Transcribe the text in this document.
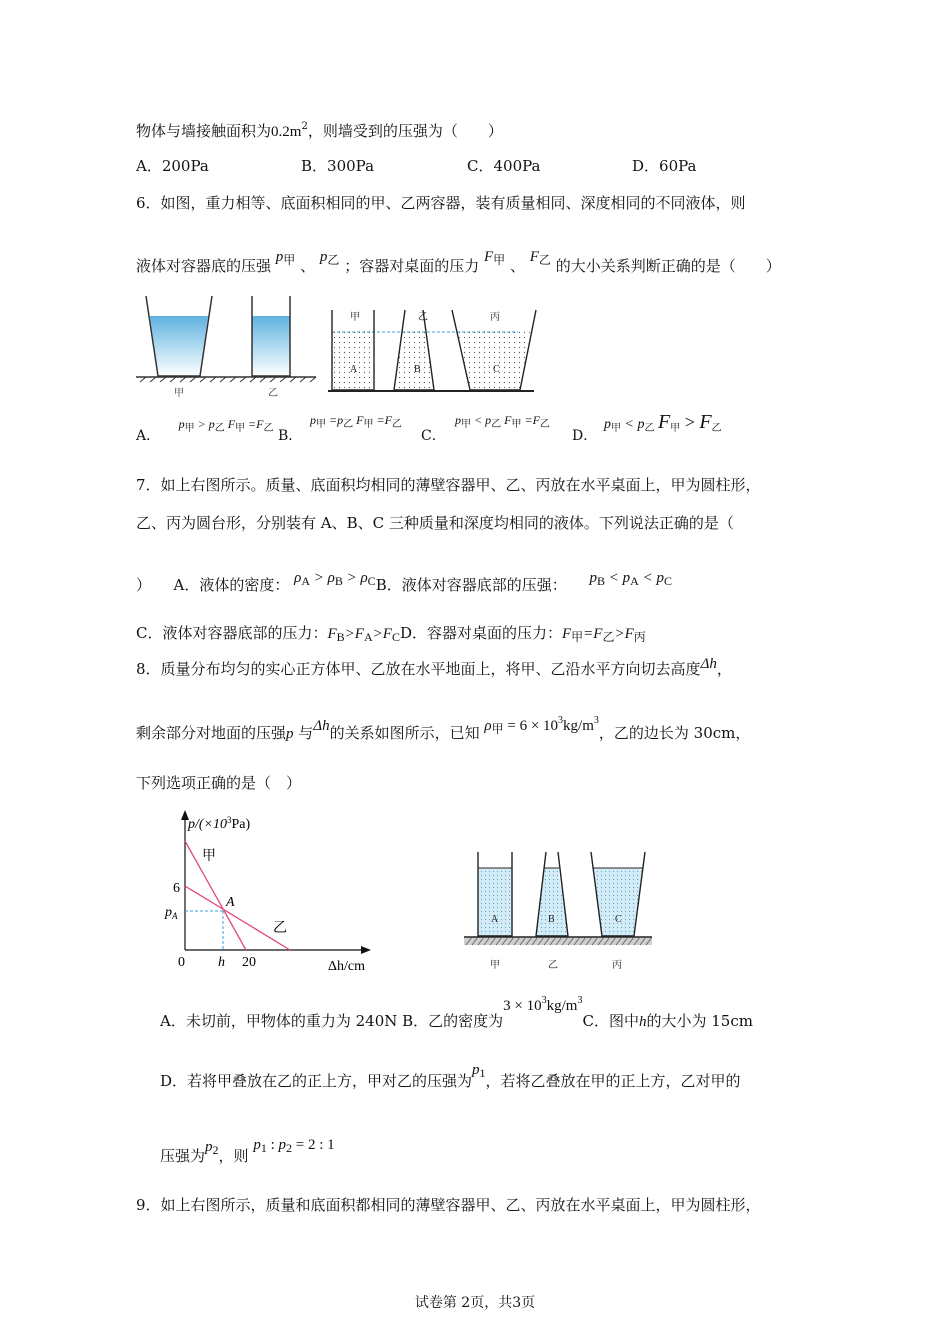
物体与墙接触面积为$0.2m^2$，则墙受到的压强为（　　）
A．200Pa	B．300Pa	C．400Pa	D．60Pa
6．如图，重力相等、底面积相同的甲、乙两容器，装有质量相同、深度相同的不同液体，则
液体对容器底的压强 $p_甲$ 、 $p_乙$ ；容器对桌面的压力 $F_甲$ 、 $F_乙$ 的大小关系判断正确的是（　　）
甲	乙
甲	乙	丙
A	B	C
A． $p_甲 > p_乙$ $F_甲 =F_乙$ B．
$p_甲 =p_乙$ $F_甲 =F_乙$
C．
$p_甲 < p_乙$ $F_甲 =F_乙$
D．
$p_甲 < p_乙$ $F_甲 > F_乙$
7．如上右图所示。质量、底面积均相同的薄壁容器甲、乙、丙放在水平桌面上，甲为圆柱形，
乙、丙为圆台形，分别装有 A、B、C 三种质量和深度均相同的液体。下列说法正确的是（
）　　A．液体的密度： $\rho_A > \rho_B > \rho_CB$．液体对容器底部的压强： $p_B < p_A < p_C$
C．液体对容器底部的压力：$F_B>F_A>F_CD$．容器对桌面的压力：$F_甲=F_乙>F_丙$
8．质量分布均匀的实心正方体甲、乙放在水平地面上，将甲、乙沿水平方向切去高度Δh，
剩余部分对地面的压强p 与Δh的关系如图所示，已知 $\rho_甲 = 6 \times 10^3kg/m^3$，乙的边长为 30cm，
下列选项正确的是（　）
$p/(\times 10^3Pa)$
Δh/cm
6
$p_A$
0 h 20
A
甲
乙
A	B	C
甲	乙	丙
A．未切前，甲物体的重力为 240N B．乙的密度为$3 \times 10^3kg/m^3C$．图中h的大小为 15cm
D．若将甲叠放在乙的正上方，甲对乙的压强为$p_1$，若将乙叠放在甲的正上方，乙对甲的
压强为$p_2$，则 $p_1$ : $p_2 = 2$ : 1
9．如上右图所示，质量和底面积都相同的薄壁容器甲、乙、丙放在水平桌面上，甲为圆柱形，
试卷第 2页，共3页
